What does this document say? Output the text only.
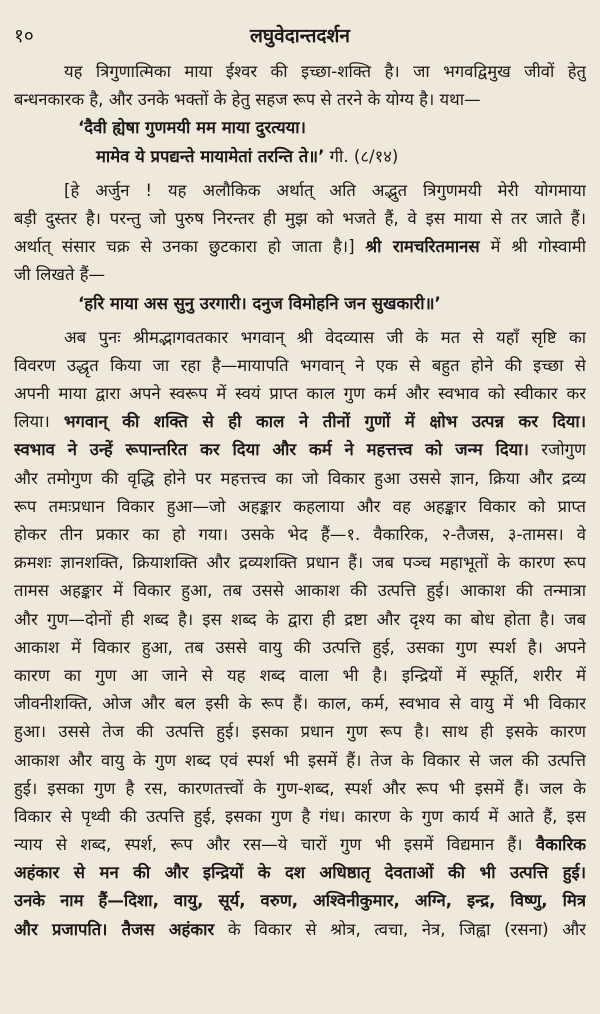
१०	लघुवेदान्तदर्शन
यह त्रिगुणात्मिका माया ईश्वर की इच्छा-शक्ति है। जा भगवद्विमुख जीवों हेतु
बन्धनकारक है, और उनके भक्तों के हेतु सहज रूप से तरने के योग्य है। यथा—
‘दैवी ह्येषा गुणमयी मम माया दुरत्यया।
मामेव ये प्रपद्यन्ते मायामेतां तरन्ति ते॥’ गी. (८/१४)
[हे अर्जुन ! यह अलौकिक अर्थात् अति अद्भुत त्रिगुणमयी मेरी योगमाया
बड़ी दुस्तर है। परन्तु जो पुरुष निरन्तर ही मुझ को भजते हैं, वे इस माया से तर जाते हैं।
अर्थात् संसार चक्र से उनका छुटकारा हो जाता है।] श्री रामचरितमानस में श्री गोस्वामी
जी लिखते हैं—
‘हरि माया अस सुनु उरगारी। दनुज विमोहनि जन सुखकारी॥’
अब पुनः श्रीमद्भागवतकार भगवान् श्री वेदव्यास जी के मत से यहाँ सृष्टि का
विवरण उद्धृत किया जा रहा है—मायापति भगवान् ने एक से बहुत होने की इच्छा से
अपनी माया द्वारा अपने स्वरूप में स्वयं प्राप्त काल गुण कर्म और स्वभाव को स्वीकार कर
लिया। भगवान् की शक्ति से ही काल ने तीनों गुणों में क्षोभ उत्पन्न कर दिया।
स्वभाव ने उन्हें रूपान्तरित कर दिया और कर्म ने महत्तत्त्व को जन्म दिया। रजोगुण
और तमोगुण की वृद्धि होने पर महत्तत्त्व का जो विकार हुआ उससे ज्ञान, क्रिया और द्रव्य
रूप तमःप्रधान विकार हुआ—जो अहङ्कार कहलाया और वह अहङ्कार विकार को प्राप्त
होकर तीन प्रकार का हो गया। उसके भेद हैं—१. वैकारिक, २-तैजस, ३-तामस। वे
क्रमशः ज्ञानशक्ति, क्रियाशक्ति और द्रव्यशक्ति प्रधान हैं। जब पञ्च महाभूतों के कारण रूप
तामस अहङ्कार में विकार हुआ, तब उससे आकाश की उत्पत्ति हुई। आकाश की तन्मात्रा
और गुण—दोनों ही शब्द है। इस शब्द के द्वारा ही द्रष्टा और दृश्य का बोध होता है। जब
आकाश में विकार हुआ, तब उससे वायु की उत्पत्ति हुई, उसका गुण स्पर्श है। अपने
कारण का गुण आ जाने से यह शब्द वाला भी है। इन्द्रियों में स्फूर्ति, शरीर में
जीवनीशक्ति, ओज और बल इसी के रूप हैं। काल, कर्म, स्वभाव से वायु में भी विकार
हुआ। उससे तेज की उत्पत्ति हुई। इसका प्रधान गुण रूप है। साथ ही इसके कारण
आकाश और वायु के गुण शब्द एवं स्पर्श भी इसमें हैं। तेज के विकार से जल की उत्पत्ति
हुई। इसका गुण है रस, कारणतत्त्वों के गुण-शब्द, स्पर्श और रूप भी इसमें हैं। जल के
विकार से पृथ्वी की उत्पत्ति हुई, इसका गुण है गंध। कारण के गुण कार्य में आते हैं, इस
न्याय से शब्द, स्पर्श, रूप और रस—ये चारों गुण भी इसमें विद्यमान हैं। वैकारिक
अहंकार से मन की और इन्द्रियों के दश अधिष्ठातृ देवताओं की भी उत्पत्ति हुई।
उनके नाम हैं—दिशा, वायु, सूर्य, वरुण, अश्विनीकुमार, अग्नि, इन्द्र, विष्णु, मित्र
और प्रजापति। तैजस अहंकार के विकार से श्रोत्र, त्वचा, नेत्र, जिह्वा (रसना) और
